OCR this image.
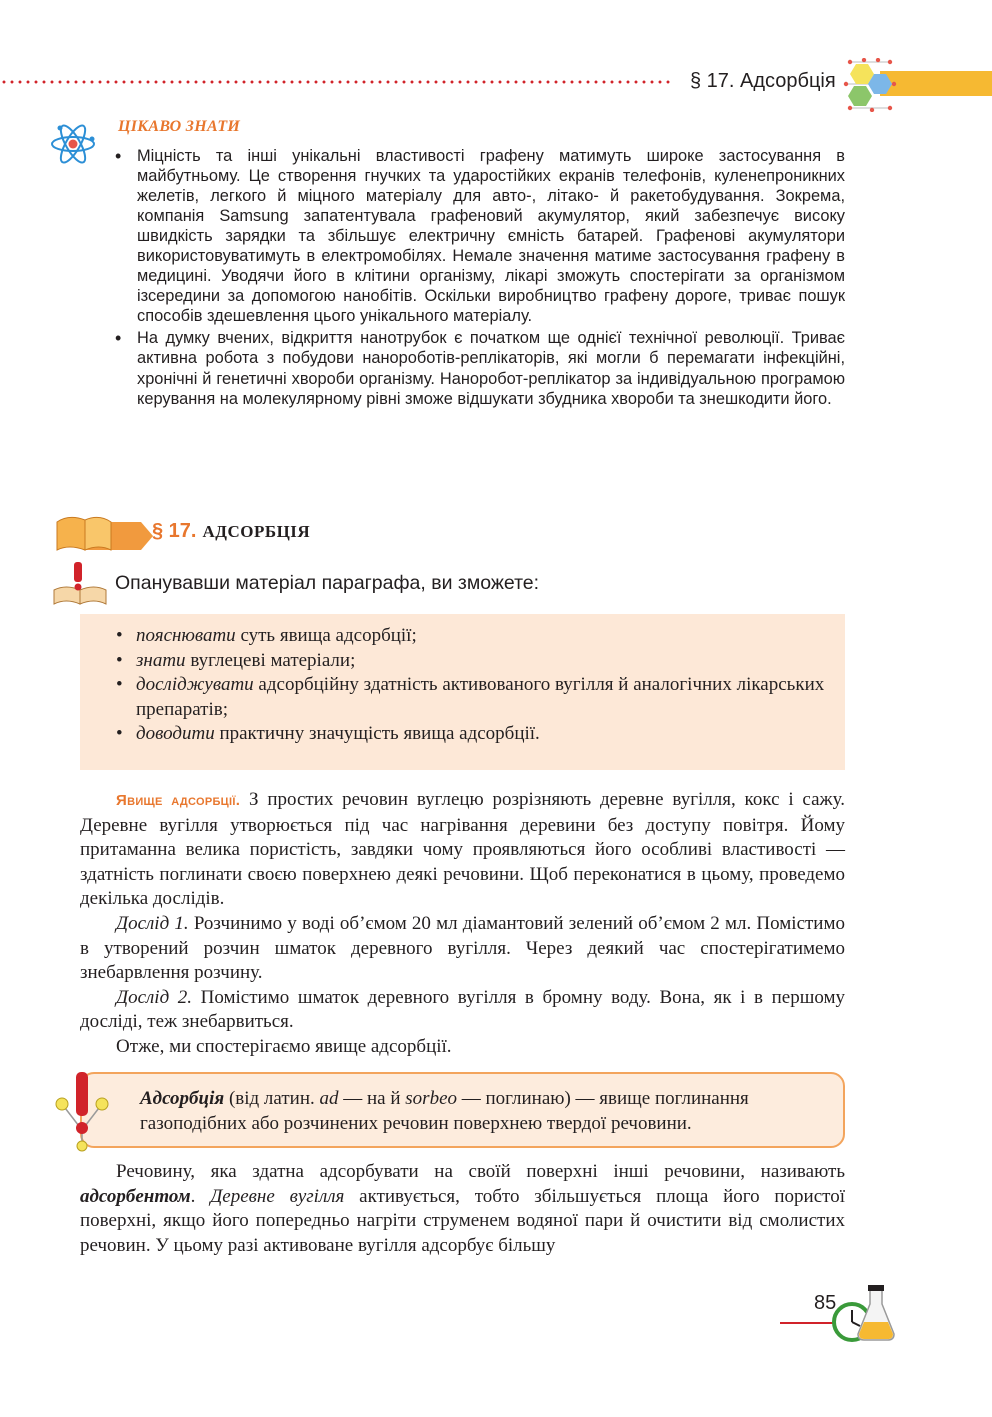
§ 17. Адсорбція
ЦІКАВО ЗНАТИ
• Міцність та інші унікальні властивості графену матимуть широке застосування в майбутньому. Це створення гнучких та ударостійких екранів телефонів, куленепроникних желетів, легкого й міцного матеріалу для авто-, літако- й ракетобудування. Зокрема, компанія Samsung запатентувала графеновий акумулятор, який забезпечує високу швидкість зарядки та збільшує електричну ємність батарей. Графенові акумулятори використовуватимуть в електромобілях. Немале значення матиме застосування графену в медицині. Уводячи його в клітини організму, лікарі зможуть спостерігати за організмом ізсередини за допомогою нанобітів. Оскільки виробництво графену дороге, триває пошук способів здешевлення цього унікального матеріалу.
• На думку вчених, відкриття нанотрубок є початком ще однієї технічної революції. Триває активна робота з побудови нанороботів-реплікаторів, які могли б перемагати інфекційні, хронічні й генетичні хвороби організму. Наноробот-реплікатор за індивідуальною програмою керування на молекулярному рівні зможе відшукати збудника хвороби та знешкодити його.
§ 17. АДСОРБЦІЯ
Опанувавши матеріал параграфа, ви зможете:
• пояснювати суть явища адсорбції;
• знати вуглецеві матеріали;
• досліджувати адсорбційну здатність активованого вугілля й аналогічних лікарських препаратів;
• доводити практичну значущість явища адсорбції.

Явище адсорбції. З простих речовин вуглецю розрізняють деревне вугілля, кокс і сажу. Деревне вугілля утворюється під час нагрівання деревини без доступу повітря. Йому притаманна велика пористість, завдяки чому проявляються його особливі властивості — здатність поглинати своєю поверхнею деякі речовини. Щоб переконатися в цьому, проведемо декілька дослідів.

Дослід 1. Розчинимо у воді об’ємом 20 мл діамантовий зелений об’ємом 2 мл. Помістимо в утворений розчин шматок деревного вугілля. Через деякий час спостерігатимемо знебарвлення розчину.

Дослід 2. Помістимо шматок деревного вугілля в бромну воду. Вона, як і в першому досліді, теж знебарвиться.

Отже, ми спостерігаємо явище адсорбції.

Адсорбція (від латин. ad — на й sorbeo — поглинаю) — явище поглинання газоподібних або розчинених речовин поверхнею твердої речовини.

Речовину, яка здатна адсорбувати на своїй поверхні інші речовини, називають адсорбентом. Деревне вугілля активується, тобто збільшується площа його пористої поверхні, якщо його попередньо нагріти струменем водяної пари й очистити від смолистих речовин. У цьому разі активоване вугілля адсорбує більшу

85
